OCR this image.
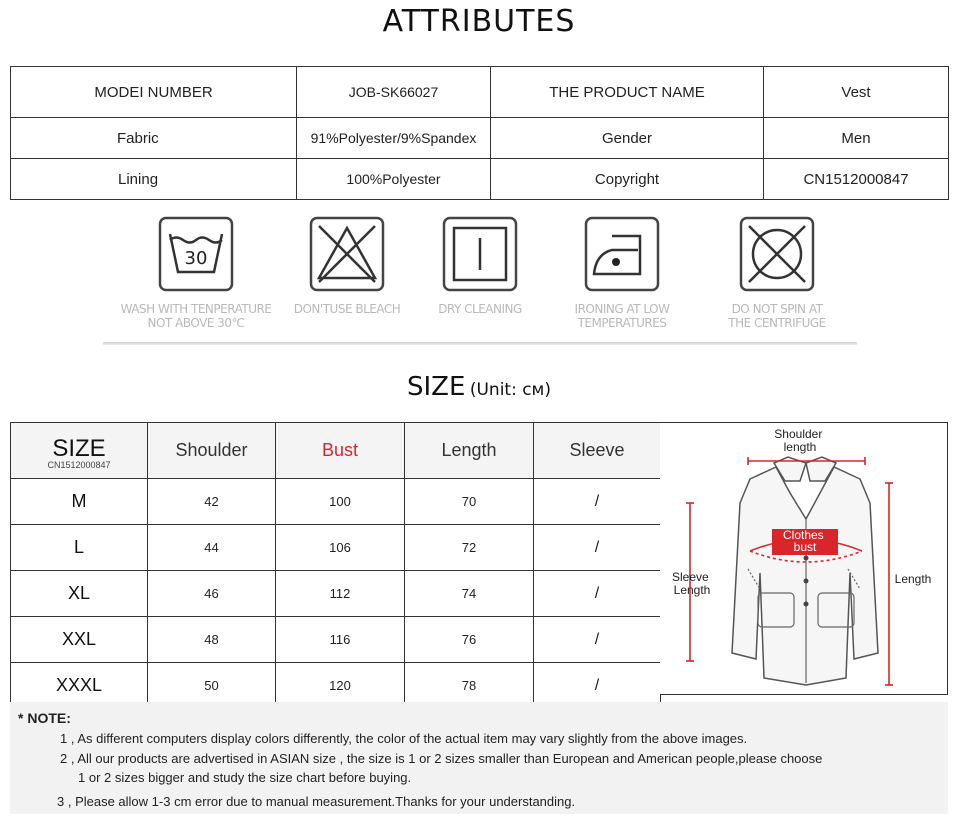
ATTRIBUTES
MODEI NUMBER	JOB-SK66027	THE PRODUCT NAME	Vest
Fabric	91%Polyester/9%Spandex	Gender	Men
Lining	100%Polyester	Copyright	CN1512000847
30
WASH WITH TENPERATURE
NOT ABOVE 30℃
DON'TUSE BLEACH	DRY CLEANING	IRONING AT LOW
TEMPERATURES
DO NOT SPIN AT
THE CENTRIFUGE
SIZE (Unit: cм)
SIZE
CN1512000847	Shoulder	Bust	Length	Sleeve
M	42	100	70	/
L	44	106	72	/
XL	46	112	74	/
XXL	48	116	76	/
XXXL	50	120	78	/
Shoulder length
Clothes bust
Sleeve Length
Length
* NOTE:

1 , As different computers display colors differently, the color of the actual item may vary slightly from the above images.

2 , All our products are advertised in ASIAN size , the size is 1 or 2 sizes smaller than European and American people,please choose

1 or 2 sizes bigger and study the size chart before buying.

3 , Please allow 1-3 cm error due to manual measurement.Thanks for your understanding.
